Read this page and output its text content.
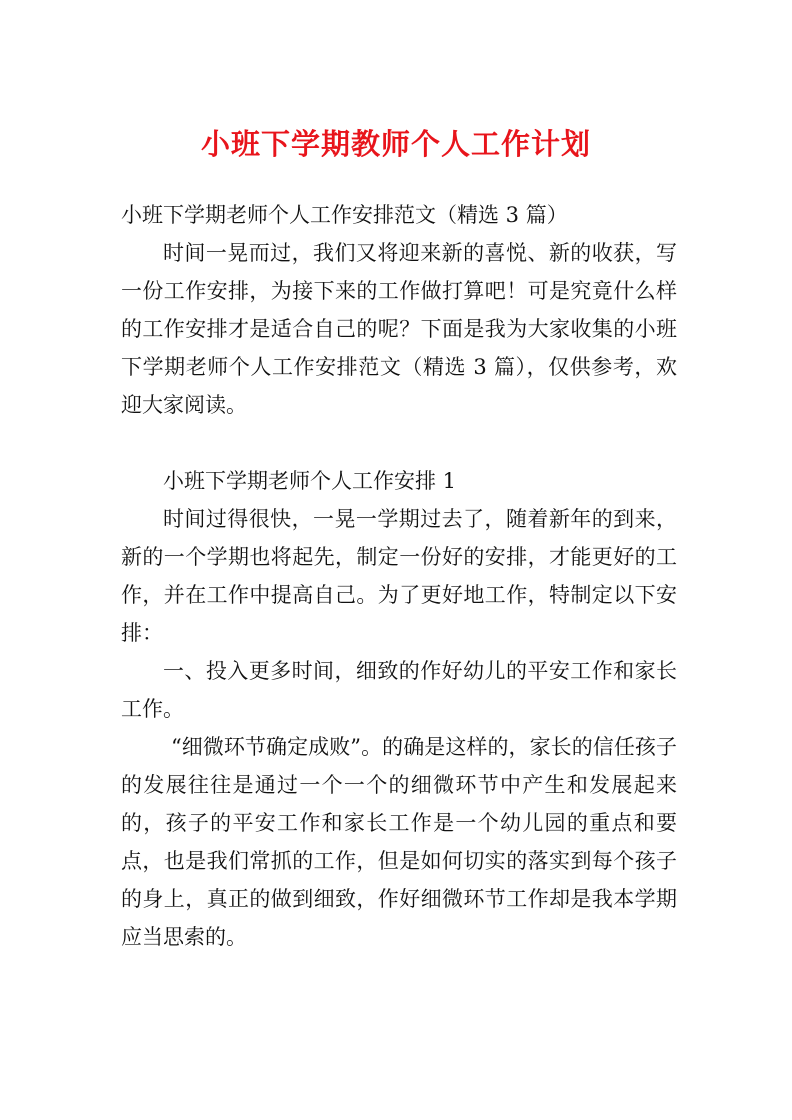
小班下学期教师个人工作计划

小班下学期老师个人工作安排范文（精选 3 篇）

时间一晃而过，我们又将迎来新的喜悦、新的收获，写一份工作安排，为接下来的工作做打算吧！可是究竟什么样的工作安排才是适合自己的呢？下面是我为大家收集的小班下学期老师个人工作安排范文（精选 3 篇），仅供参考，欢迎大家阅读。

小班下学期老师个人工作安排 1

时间过得很快，一晃一学期过去了，随着新年的到来，新的一个学期也将起先，制定一份好的安排，才能更好的工作，并在工作中提高自己。为了更好地工作，特制定以下安排：

一、投入更多时间，细致的作好幼儿的平安工作和家长工作。

“细微环节确定成败”。的确是这样的，家长的信任孩子的发展往往是通过一个一个的细微环节中产生和发展起来的，孩子的平安工作和家长工作是一个幼儿园的重点和要点，也是我们常抓的工作，但是如何切实的落实到每个孩子的身上，真正的做到细致，作好细微环节工作却是我本学期应当思索的。
